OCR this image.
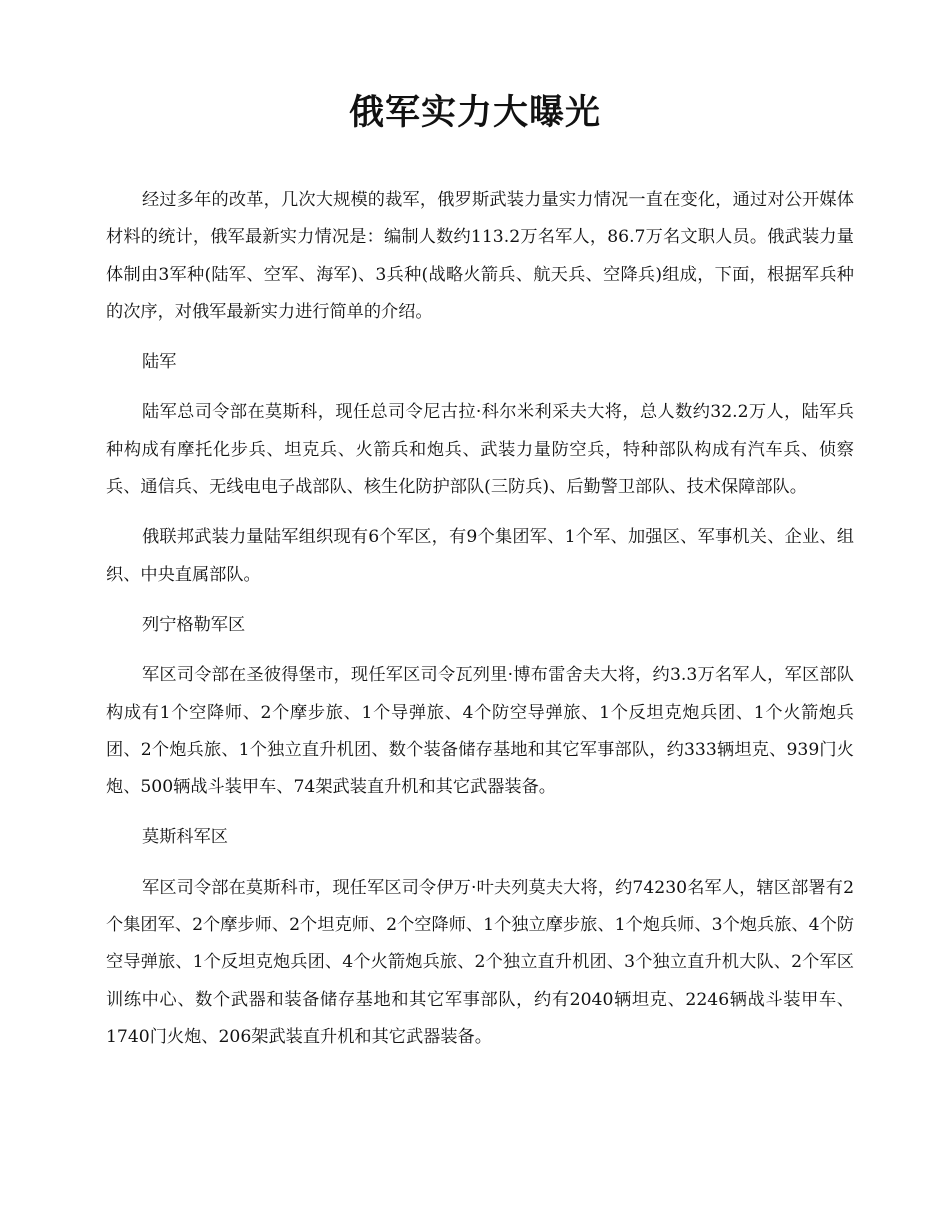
俄军实力大曝光

经过多年的改革，几次大规模的裁军，俄罗斯武装力量实力情况一直在变化，通过对公开媒体材料的统计，俄军最新实力情况是：编制人数约113.2万名军人，86.7万名文职人员。俄武装力量体制由3军种(陆军、空军、海军)、3兵种(战略火箭兵、航天兵、空降兵)组成，下面，根据军兵种的次序，对俄军最新实力进行简单的介绍。

陆军

陆军总司令部在莫斯科，现任总司令尼古拉·科尔米利采夫大将，总人数约32.2万人，陆军兵种构成有摩托化步兵、坦克兵、火箭兵和炮兵、武装力量防空兵，特种部队构成有汽车兵、侦察兵、通信兵、无线电电子战部队、核生化防护部队(三防兵)、后勤警卫部队、技术保障部队。

俄联邦武装力量陆军组织现有6个军区，有9个集团军、1个军、加强区、军事机关、企业、组织、中央直属部队。

列宁格勒军区

军区司令部在圣彼得堡市，现任军区司令瓦列里·博布雷舍夫大将，约3.3万名军人，军区部队构成有1个空降师、2个摩步旅、1个导弹旅、4个防空导弹旅、1个反坦克炮兵团、1个火箭炮兵团、2个炮兵旅、1个独立直升机团、数个装备储存基地和其它军事部队，约333辆坦克、939门火炮、500辆战斗装甲车、74架武装直升机和其它武器装备。

莫斯科军区

军区司令部在莫斯科市，现任军区司令伊万·叶夫列莫夫大将，约74230名军人，辖区部署有2个集团军、2个摩步师、2个坦克师、2个空降师、1个独立摩步旅、1个炮兵师、3个炮兵旅、4个防空导弹旅、1个反坦克炮兵团、4个火箭炮兵旅、2个独立直升机团、3个独立直升机大队、2个军区训练中心、数个武器和装备储存基地和其它军事部队，约有2040辆坦克、2246辆战斗装甲车、1740门火炮、206架武装直升机和其它武器装备。
